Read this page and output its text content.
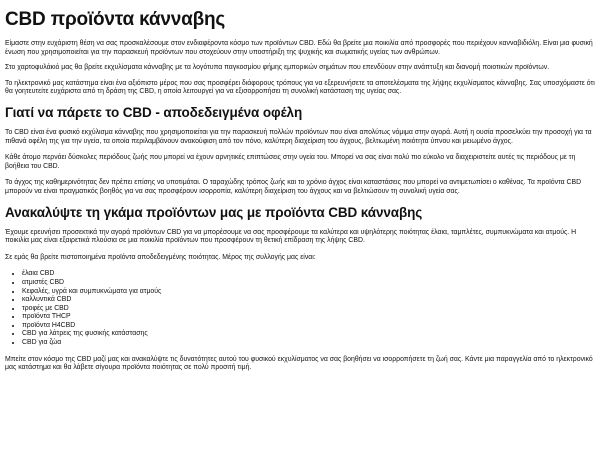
CBD προϊόντα κάνναβης

Είμαστε στην ευχάριστη θέση να σας προσκαλέσουμε στον ενδιαφέροντα κόσμο των προϊόντων CBD. Εδώ θα βρείτε μια ποικιλία από προσφορές που περιέχουν κανναβιδιόλη. Είναι μια φυσική ένωση που χρησιμοποιείται για την παρασκευή προϊόντων που στοχεύουν στην υποστήριξη της ψυχικής και σωματικής υγείας των ανθρώπων.

Στο χαρτοφυλάκιό μας θα βρείτε εκχυλίσματα κάνναβης με τα λογότυπα παγκοσμίου φήμης εμπορικών σημάτων που επενδύουν στην ανάπτυξη και διανομή ποιοτικών προϊόντων.

Το ηλεκτρονικό μας κατάστημα είναι ένα αξιόπιστο μέρος που σας προσφέρει διάφορους τρόπους για να εξερευνήσετε τα αποτελέσματα της λήψης εκχυλίσματος κάνναβης. Σας υποσχόμαστε ότι θα γοητευτείτε ευχάριστα από τη δράση της CBD, η οποία λειτουργεί για να εξισορροπήσει τη συνολική κατάσταση της υγείας σας.

Γιατί να πάρετε το CBD - αποδεδειγμένα οφέλη

Το CBD είναι ένα φυσικό εκχύλισμα κάνναβης που χρησιμοποιείται για την παρασκευή πολλών προϊόντων που είναι απολύτως νόμιμα στην αγορά. Αυτή η ουσία προσελκύει την προσοχή για τα πιθανά οφέλη της για την υγεία, τα οποία περιλαμβάνουν ανακούφιση από τον πόνο, καλύτερη διαχείριση του άγχους, βελτιωμένη ποιότητα ύπνου και μειωμένο άγχος.

Κάθε άτομο περνάει δύσκολες περιόδους ζωής που μπορεί να έχουν αρνητικές επιπτώσεις στην υγεία του. Μπορεί να σας είναι πολύ πιο εύκολο να διαχειριστείτε αυτές τις περιόδους με τη βοήθεια του CBD.

Το άγχος της καθημερινότητας δεν πρέπει επίσης να υποτιμάται. Ο ταραχώδης τρόπος ζωής και το χρόνιο άγχος είναι καταστάσεις που μπορεί να αντιμετωπίσει ο καθένας. Τα προϊόντα CBD μπορούν να είναι πραγματικός βοηθός για να σας προσφέρουν ισορροπία, καλύτερη διαχείριση του άγχους και να βελτιώσουν τη συνολική υγεία σας.

Ανακαλύψτε τη γκάμα προϊόντων μας με προϊόντα CBD κάνναβης

Έχουμε ερευνήσει προσεκτικά την αγορά προϊόντων CBD για να μπορέσουμε να σας προσφέρουμε τα καλύτερα και υψηλότερης ποιότητας έλαια, ταμπλέτες, συμπυκνώματα και ατμούς. Η ποικιλία μας είναι εξαιρετικά πλούσια σε μια ποικιλία προϊόντων που προσφέρουν τη θετική επίδραση της λήψης CBD.

Σε εμάς θα βρείτε πιστοποιημένα προϊόντα αποδεδειγμένης ποιότητας. Μέρος της συλλογής μας είναι:

• έλαια CBD
• ατμιστές CBD
• Κεφαλές, υγρά και συμπυκνώματα για ατμούς
• καλλυντικά CBD
• τροφές με CBD
• προϊόντα THCP
• προϊόντα H4CBD
• CBD για λάτρεις της φυσικής κατάστασης
• CBD για ζώα

Μπείτε στον κόσμο της CBD μαζί μας και ανακαλύψτε τις δυνατότητες αυτού του φυσικού εκχυλίσματος να σας βοηθήσει να ισορροπήσετε τη ζωή σας. Κάντε μια παραγγελία από το ηλεκτρονικό μας κατάστημα και θα λάβετε σίγουρα προϊόντα ποιότητας σε πολύ προσιτή τιμή.
